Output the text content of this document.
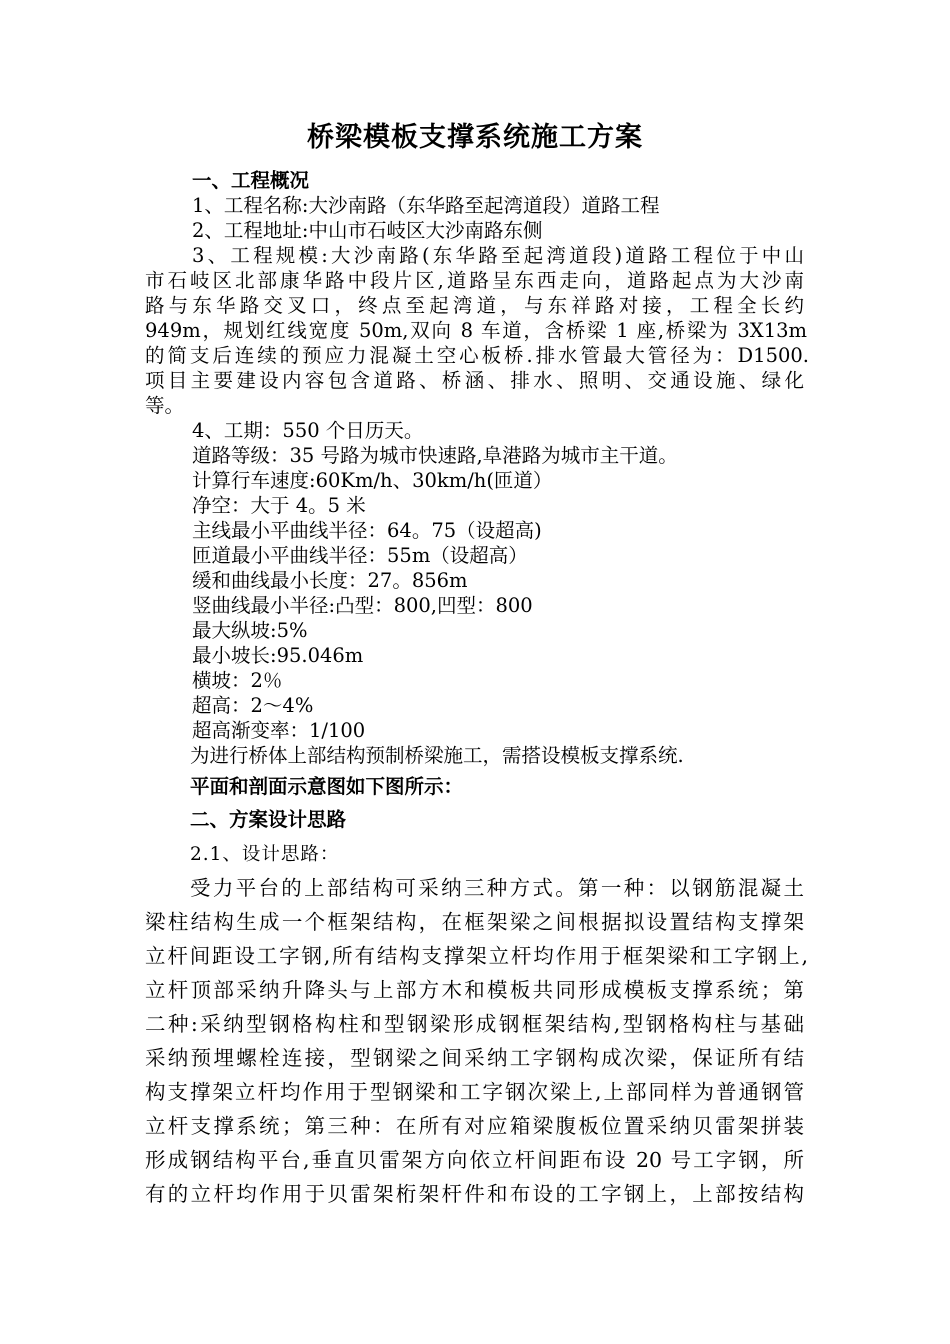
桥梁模板支撑系统施工方案
一、工程概况
1、工程名称:大沙南路（东华路至起湾道段）道路工程
2、工程地址:中山市石岐区大沙南路东侧
3、工程规模:大沙南路(东华路至起湾道段)道路工程位于中山
市石岐区北部康华路中段片区,道路呈东西走向，道路起点为大沙南
路与东华路交叉口，终点至起湾道，与东祥路对接，工程全长约
949m，规划红线宽度 50m,双向 8 车道，含桥梁 1 座,桥梁为 3X13m
的简支后连续的预应力混凝土空心板桥.排水管最大管径为：D1500.
项目主要建设内容包含道路、桥涵、排水、照明、交通设施、绿化
等。
4、工期：550 个日历天。
道路等级：35 号路为城市快速路,阜港路为城市主干道。
计算行车速度:60Km/h、30km/h(匝道）
净空：大于 4。5 米
主线最小平曲线半径：64。75（设超高)
匝道最小平曲线半径：55m（设超高）
缓和曲线最小长度：27。856m
竖曲线最小半径:凸型：800,凹型：800
最大纵坡:5%
最小坡长:95.046m
横坡：2％
超高：2～4%
超高渐变率：1/100
为进行桥体上部结构预制桥梁施工，需搭设模板支撑系统.
平面和剖面示意图如下图所示：
二、方案设计思路
2.1、设计思路：
受力平台的上部结构可采纳三种方式。第一种：以钢筋混凝土
梁柱结构生成一个框架结构，在框架梁之间根据拟设置结构支撑架
立杆间距设工字钢,所有结构支撑架立杆均作用于框架梁和工字钢上,
立杆顶部采纳升降头与上部方木和模板共同形成模板支撑系统；第
二种:采纳型钢格构柱和型钢梁形成钢框架结构,型钢格构柱与基础
采纳预埋螺栓连接，型钢梁之间采纳工字钢构成次梁，保证所有结
构支撑架立杆均作用于型钢梁和工字钢次梁上,上部同样为普通钢管
立杆支撑系统；第三种：在所有对应箱梁腹板位置采纳贝雷架拼装
形成钢结构平台,垂直贝雷架方向依立杆间距布设 20 号工字钢，所
有的立杆均作用于贝雷架桁架杆件和布设的工字钢上，上部按结构
